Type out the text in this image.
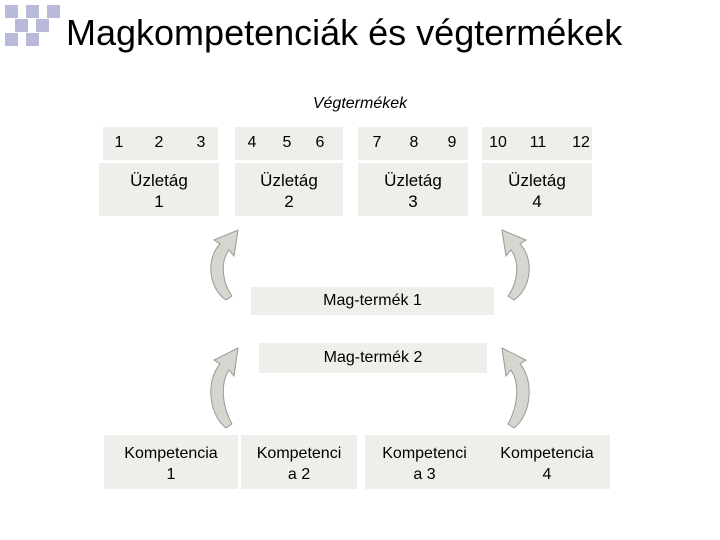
Magkompetenciák és végtermékek
Végtermékek
1	2	3	4	5	6	7	8	9	10	11	12
Üzletág
1
Üzletág
2
Üzletág
3
Üzletág
4
Mag-termék 1
Mag-termék 2
Kompetencia
1
Kompetenci
a 2
Kompetenci
a 3
Kompetencia
4
